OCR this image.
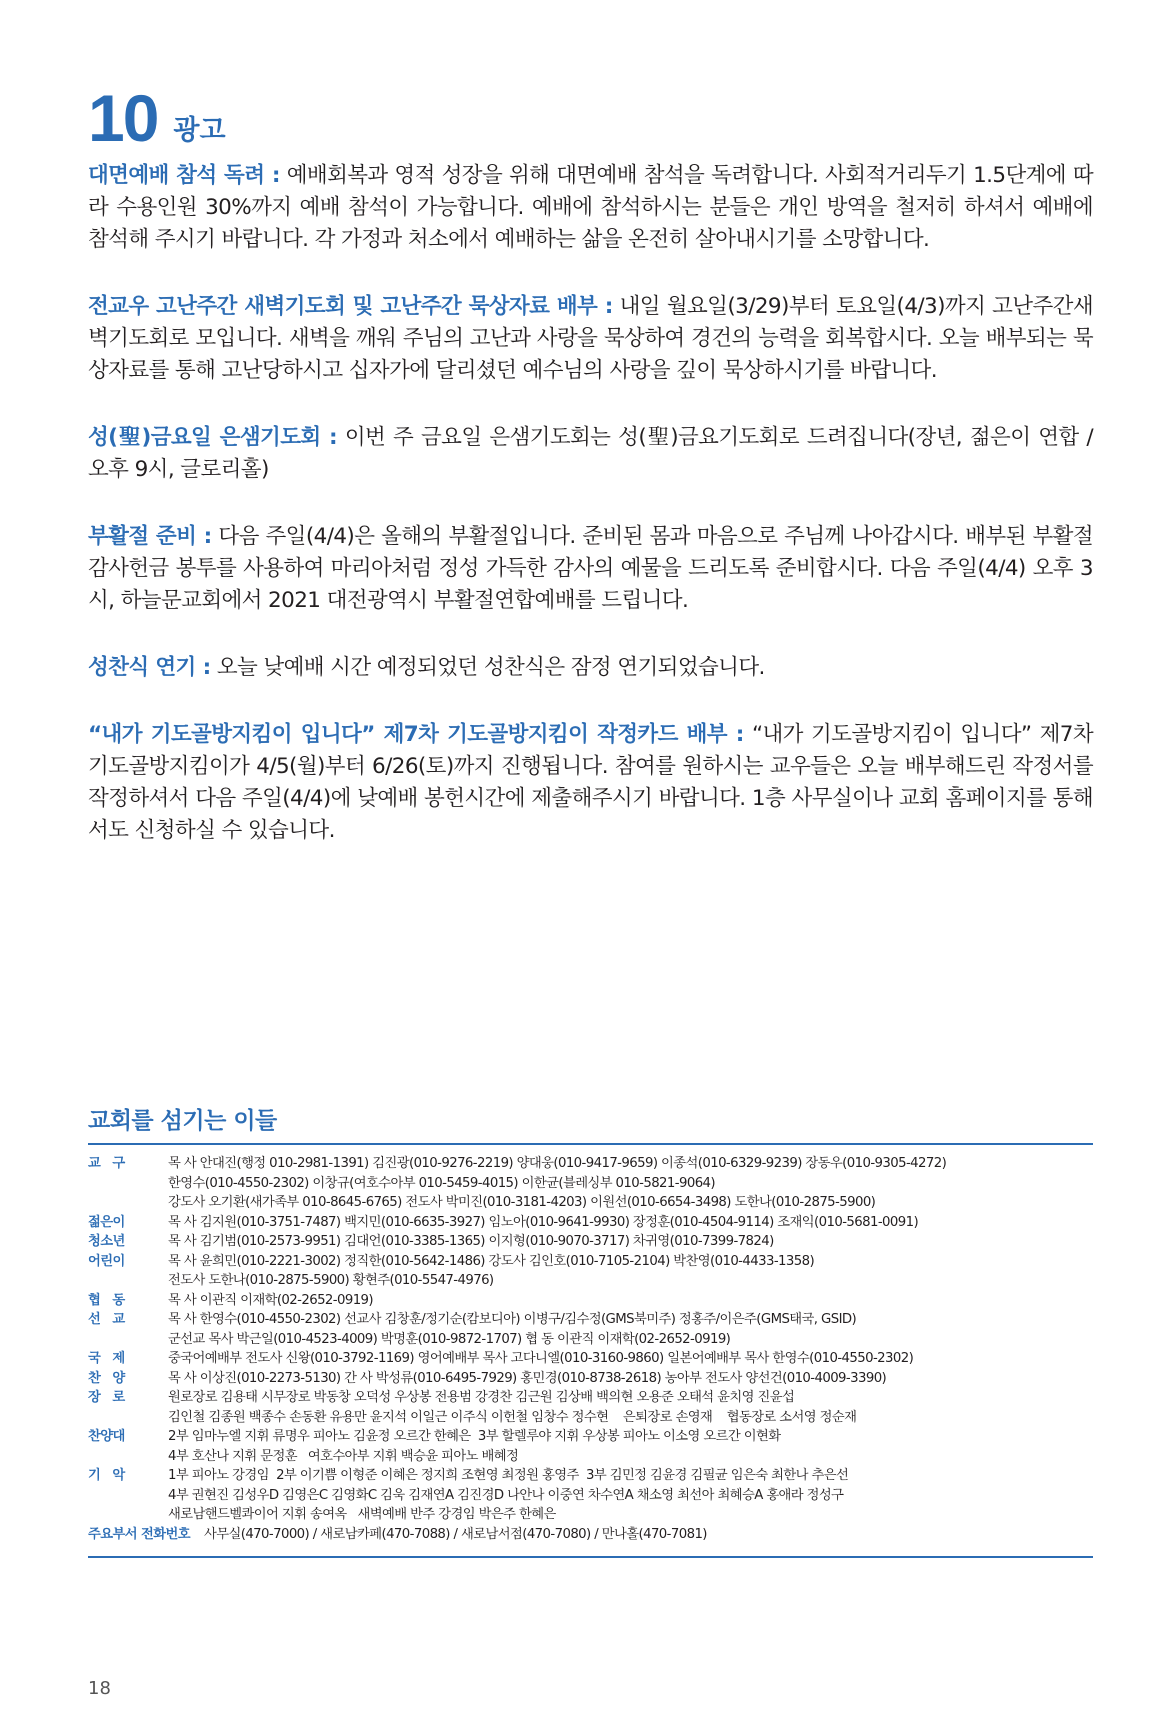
10 광고

대면예배 참석 독려 : 예배회복과 영적 성장을 위해 대면예배 참석을 독려합니다. 사회적거리두기 1.5단계에 따라 수용인원 30%까지 예배 참석이 가능합니다. 예배에 참석하시는 분들은 개인 방역을 철저히 하셔서 예배에 참석해 주시기 바랍니다. 각 가정과 처소에서 예배하는 삶을 온전히 살아내시기를 소망합니다.

전교우 고난주간 새벽기도회 및 고난주간 묵상자료 배부 : 내일 월요일(3/29)부터 토요일(4/3)까지 고난주간새벽기도회로 모입니다. 새벽을 깨워 주님의 고난과 사랑을 묵상하여 경건의 능력을 회복합시다. 오늘 배부되는 묵상자료를 통해 고난당하시고 십자가에 달리셨던 예수님의 사랑을 깊이 묵상하시기를 바랍니다.

성(聖)금요일 은샘기도회 : 이번 주 금요일 은샘기도회는 성(聖)금요기도회로 드려집니다(장년, 젊은이 연합 / 오후 9시, 글로리홀)

부활절 준비 : 다음 주일(4/4)은 올해의 부활절입니다. 준비된 몸과 마음으로 주님께 나아갑시다. 배부된 부활절 감사헌금 봉투를 사용하여 마리아처럼 정성 가득한 감사의 예물을 드리도록 준비합시다. 다음 주일(4/4) 오후 3시, 하늘문교회에서 2021 대전광역시 부활절연합예배를 드립니다.

성찬식 연기 : 오늘 낮예배 시간 예정되었던 성찬식은 잠정 연기되었습니다.

“내가 기도골방지킴이 입니다” 제7차 기도골방지킴이 작정카드 배부 : “내가 기도골방지킴이 입니다” 제7차 기도골방지킴이가 4/5(월)부터 6/26(토)까지 진행됩니다. 참여를 원하시는 교우들은 오늘 배부해드린 작정서를 작정하셔서 다음 주일(4/4)에 낮예배 봉헌시간에 제출해주시기 바랍니다. 1층 사무실이나 교회 홈페이지를 통해서도 신청하실 수 있습니다.

교회를 섬기는 이들
교   구	목 사 안대진(행정 010-2981-1391) 김진광(010-9276-2219) 양대웅(010-9417-9659) 이종석(010-6329-9239) 장동우(010-9305-4272)
한영수(010-4550-2302) 이창규(여호수아부 010-5459-4015) 이한균(블레싱부 010-5821-9064)
강도사 오기환(새가족부 010-8645-6765) 전도사 박미진(010-3181-4203) 이원선(010-6654-3498) 도한나(010-2875-5900)
젊은이	목 사 김지원(010-3751-7487) 백지민(010-6635-3927) 임노아(010-9641-9930) 장정훈(010-4504-9114) 조재익(010-5681-0091)
청소년	목 사 김기범(010-2573-9951) 김대언(010-3385-1365) 이지형(010-9070-3717) 차귀영(010-7399-7824)
어린이	목 사 윤희민(010-2221-3002) 정직한(010-5642-1486) 강도사 김인호(010-7105-2104) 박찬영(010-4433-1358)
전도사 도한나(010-2875-5900) 황현주(010-5547-4976)
협   동	목 사 이관직 이재학(02-2652-0919)
선   교	목 사 한영수(010-4550-2302) 선교사 김창훈/정기순(캄보디아) 이병구/김수정(GMS북미주) 정홍주/이은주(GMS태국, GSID)
군선교 목사 박근일(010-4523-4009) 박명훈(010-9872-1707) 협 동 이관직 이재학(02-2652-0919)
국   제	중국어예배부 전도사 신왕(010-3792-1169) 영어예배부 목사 고다니엘(010-3160-9860) 일본어예배부 목사 한영수(010-4550-2302)
찬   양	목 사 이상진(010-2273-5130) 간 사 박성류(010-6495-7929) 홍민경(010-8738-2618) 농아부 전도사 양선건(010-4009-3390)
장   로	원로장로 김용태 시무장로 박동창 오덕성 우상봉 전용범 강경찬 김근원 김상배 백의현 오용준 오태석 윤치영 진윤섭
김인철 김종원 백종수 손동환 유용만 윤지석 이일근 이주식 이헌철 임창수 정수현    은퇴장로 손영재    협동장로 소서영 정순재
찬양대	2부 임마누엘 지휘 류명우 피아노 김윤정 오르간 한혜은  3부 할렐루야 지휘 우상봉 피아노 이소영 오르간 이현화
4부 호산나 지휘 문정훈   여호수아부 지휘 백승윤 피아노 배혜정
기   악	1부 피아노 강경임  2부 이기쁨 이형준 이혜은 정지희 조현영 최정원 홍영주  3부 김민정 김윤경 김필균 임은숙 최한나 추은선
4부 권현진 김성우D 김영은C 김영화C 김욱 김재연A 김진경D 나안나 이중연 차수연A 채소영 최선아 최혜승A 홍애라 정성구
새로남핸드벨콰이어 지휘 송여옥   새벽예배 반주 강경임 박은주 한혜은
주요부서 전화번호 사무실(470-7000) / 새로남카페(470-7088) / 새로남서점(470-7080) / 만나홀(470-7081)
18
